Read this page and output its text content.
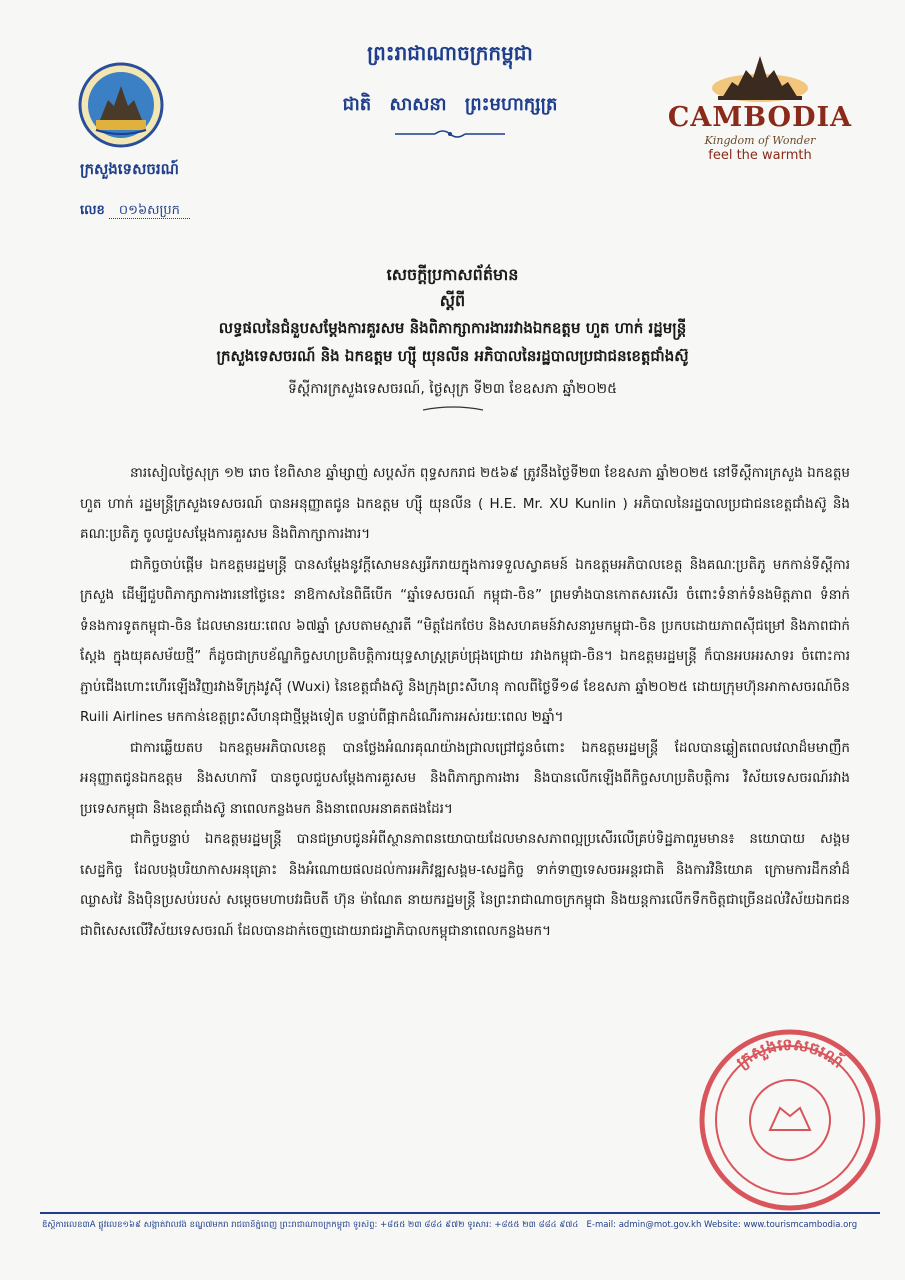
ក្រសួងទេសចរណ៍
លេខ ០១៦សប្រក
ព្រះរាជាណាចក្រកម្ពុជា
ជាតិ សាសនា ព្រះមហាក្សត្រ	CAMBODIA
Kingdom of Wonder
feel the warmth
សេចក្តីប្រកាសព័ត៌មាន
ស្តីពី
លទ្ធផលនៃជំនួបសម្តែងការគួរសម និងពិភាក្សាការងាររវាងឯកឧត្តម ហួត ហាក់ រដ្ឋមន្ត្រី
ក្រសួងទេសចរណ៍ និង ឯកឧត្តម ហ្ស៊ី យុនលីន អភិបាលនៃរដ្ឋបាលប្រជាជនខេត្តជាំងស៊ូ
ទីស្តីការក្រសួងទេសចរណ៍, ថ្ងៃសុក្រ ទី២៣ ខែឧសភា ឆ្នាំ២០២៥

នារសៀលថ្ងៃសុក្រ ១២ រោច ខែពិសាខ ឆ្នាំម្សាញ់ សប្តស័ក ពុទ្ធសករាជ ២៥៦៩ ត្រូវនឹងថ្ងៃទី២៣ ខែឧសភា ឆ្នាំ២០២៥ នៅទីស្តីការក្រសួង ឯកឧត្តម ហួត ហាក់ រដ្ឋមន្ត្រីក្រសួងទេសចរណ៍ បានអនុញ្ញាតជូន ឯកឧត្តម ហ្ស៊ី យុនលីន ( H.E. Mr. XU Kunlin ) អភិបាលនៃរដ្ឋបាលប្រជាជនខេត្តជាំងស៊ូ និងគណៈប្រតិភូ ចូលជួបសម្តែងការគួរសម និងពិភាក្សាការងារ។

ជាកិច្ចចាប់ផ្តើម ឯកឧត្តមរដ្ឋមន្ត្រី បានសម្តែងនូវក្តីសោមនស្សរីករាយក្នុងការទទួលស្វាគមន៍ ឯកឧត្តមអភិបាលខេត្ត និងគណៈប្រតិភូ មកកាន់ទីស្តីការក្រសួង ដើម្បីជួបពិភាក្សាការងារនៅថ្ងៃនេះ នាឱកាសនៃពិធីបើក “ឆ្នាំទេសចរណ៍ កម្ពុជា-ចិន” ព្រមទាំងបានកោតសរសើរ ចំពោះទំនាក់ទំនងមិត្តភាព ទំនាក់ទំនងការទូតកម្ពុជា-ចិន ដែលមានរយៈពេល ៦៧ឆ្នាំ ស្របតាមស្មារតី “មិត្តដែកថែប និងសហគមន៍វាសនារួមកម្ពុជា-ចិន ប្រកបដោយភាពស៊ីជម្រៅ និងភាពជាក់ស្តែង ក្នុងយុគសម័យថ្មី” ក៏ដូចជាក្របខ័ណ្ឌកិច្ចសហប្រតិបត្តិការយុទ្ធសាស្ត្រគ្រប់ជ្រុងជ្រោយ រវាងកម្ពុជា-ចិន។ ឯកឧត្តមរដ្ឋមន្ត្រី ក៏បានអបអរសាទរ ចំពោះការភ្ជាប់ជើងហោះហើរឡើងវិញរវាងទីក្រុងវូស៊ី (Wuxi) នៃខេត្តជាំងស៊ូ និងក្រុងព្រះសីហនុ កាលពីថ្ងៃទី១៨ ខែឧសភា ឆ្នាំ២០២៥ ដោយក្រុមហ៊ុនអាកាសចរណ៍ចិន Ruili Airlines មកកាន់ខេត្តព្រះសីហនុជាថ្មីម្តងទៀត បន្ទាប់ពីផ្អាកដំណើរការអស់រយៈពេល ២ឆ្នាំ។

ជាការឆ្លើយតប ឯកឧត្តមអភិបាលខេត្ត បានថ្លែងអំណរគុណយ៉ាងជ្រាលជ្រៅជូនចំពោះ ឯកឧត្តមរដ្ឋមន្ត្រី ដែលបានឆ្លៀតពេលវេលាដ៏មមាញឹកអនុញ្ញាតជូនឯកឧត្តម និងសហការី បានចូលជួបសម្តែងការគួរសម និងពិភាក្សាការងារ និងបានលើកឡើងពីកិច្ចសហប្រតិបត្តិការ វិស័យទេសចរណ៍រវាងប្រទេសកម្ពុជា និងខេត្តជាំងស៊ូ នាពេលកន្លងមក និងនាពេលអនាគតផងដែរ។

ជាកិច្ចបន្ទាប់ ឯកឧត្តមរដ្ឋមន្ត្រី បានជម្រាបជូនអំពីស្ថានភាពនយោបាយដែលមានសភាពល្អប្រសើរលើគ្រប់ទិដ្ឋភាពរួមមាន៖ នយោបាយ សង្គម សេដ្ឋកិច្ច ដែលបង្កបរិយាកាសអនុគ្រោះ និងអំណោយផលដល់ការអភិវឌ្ឍសង្គម-សេដ្ឋកិច្ច ទាក់ទាញទេសចរអន្តរជាតិ និងការវិនិយោគ ក្រោមការដឹកនាំដ៏ឈ្លាសវៃ និងប៉ិនប្រសប់របស់ សម្តេចមហាបវរធិបតី ហ៊ុន ម៉ាណែត នាយករដ្ឋមន្ត្រី នៃព្រះរាជាណាចក្រកម្ពុជា និងយន្តការលើកទឹកចិត្តជាច្រើនដល់វិស័យឯកជនជាពិសេសលើវិស័យទេសចរណ៍ ដែលបានដាក់ចេញដោយរាជរដ្ឋាភិបាលកម្ពុជានាពេលកន្លងមក។

ក្រសួងទេសចរណ៍
ឌីស្តីការលេខ៣A ផ្លូវលេខ១៦៩ សង្កាត់វាលវង់ ខណ្ឌ៧មករា រាជធានីភ្នំពេញ ព្រះរាជាណាចក្រកម្ពុជា ទូរស័ព្ទ: +៨៥៥ ២៣ ៨៨៤ ៩៧២ ទូរសារ: +៨៥៥ ២៣ ៨៨៤ ៩៧៤ E-mail: admin@mot.gov.kh Website: www.tourismcambodia.org
